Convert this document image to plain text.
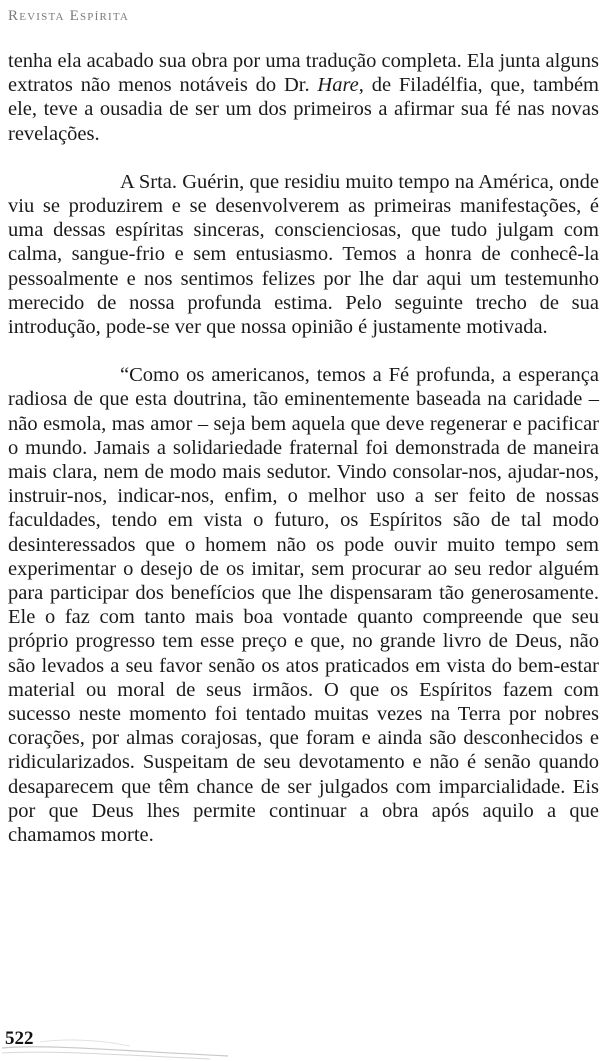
Revista Espírita

tenha ela acabado sua obra por uma tradução completa. Ela junta alguns extratos não menos notáveis do Dr. Hare, de Filadélfia, que, também ele, teve a ousadia de ser um dos primeiros a afirmar sua fé nas novas revelações.

A Srta. Guérin, que residiu muito tempo na América, onde viu se produzirem e se desenvolverem as primeiras manifestações, é uma dessas espíritas sinceras, conscienciosas, que tudo julgam com calma, sangue-frio e sem entusiasmo. Temos a honra de conhecê-la pessoalmente e nos sentimos felizes por lhe dar aqui um testemunho merecido de nossa profunda estima. Pelo seguinte trecho de sua introdução, pode-se ver que nossa opinião é justamente motivada.

“Como os americanos, temos a Fé profunda, a esperança radiosa de que esta doutrina, tão eminentemente baseada na caridade – não esmola, mas amor – seja bem aquela que deve regenerar e pacificar o mundo. Jamais a solidariedade fraternal foi demonstrada de maneira mais clara, nem de modo mais sedutor. Vindo consolar-nos, ajudar-nos, instruir-nos, indicar-nos, enfim, o melhor uso a ser feito de nossas faculdades, tendo em vista o futuro, os Espíritos são de tal modo desinteressados que o homem não os pode ouvir muito tempo sem experimentar o desejo de os imitar, sem procurar ao seu redor alguém para participar dos benefícios que lhe dispensaram tão generosamente. Ele o faz com tanto mais boa vontade quanto compreende que seu próprio progresso tem esse preço e que, no grande livro de Deus, não são levados a seu favor senão os atos praticados em vista do bem-estar material ou moral de seus irmãos. O que os Espíritos fazem com sucesso neste momento foi tentado muitas vezes na Terra por nobres corações, por almas corajosas, que foram e ainda são desconhecidos e ridicularizados. Suspeitam de seu devotamento e não é senão quando desaparecem que têm chance de ser julgados com imparcialidade. Eis por que Deus lhes permite continuar a obra após aquilo a que chamamos morte.

522
